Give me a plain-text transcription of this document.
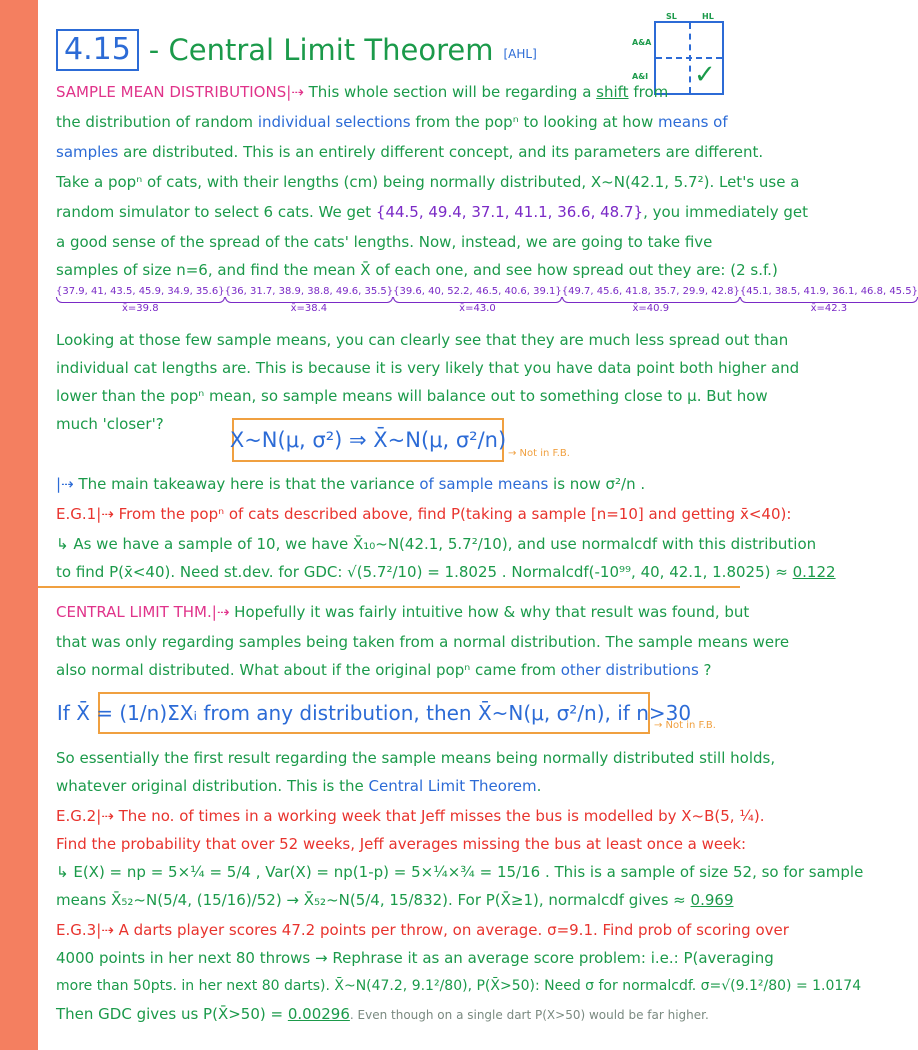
4.15 - Central Limit Theorem [AHL]
SL	HL
A&A
A&I ✓
SAMPLE MEAN DISTRIBUTIONS|⇢ This whole section will be regarding a shift from
the distribution of random individual selections from the popⁿ to looking at how means of
samples are distributed. This is an entirely different concept, and its parameters are different.
Take a popⁿ of cats, with their lengths (cm) being normally distributed, X~N(42.1, 5.7²). Let's use a
random simulator to select 6 cats. We get {44.5, 49.4, 37.1, 41.1, 36.6, 48.7}, you immediately get
a good sense of the spread of the cats' lengths. Now, instead, we are going to take five
samples of size n=6, and find the mean X̄ of each one, and see how spread out they are: (2 s.f.)
{37.9, 41, 43.5, 45.9, 34.9, 35.6}
x̄=39.8
{36, 31.7, 38.9, 38.8, 49.6, 35.5}
x̄=38.4
{39.6, 40, 52.2, 46.5, 40.6, 39.1}
x̄=43.0
{49.7, 45.6, 41.8, 35.7, 29.9, 42.8}
x̄=40.9
{45.1, 38.5, 41.9, 36.1, 46.8, 45.5}
x̄=42.3
Looking at those few sample means, you can clearly see that they are much less spread out than
individual cat lengths are. This is because it is very likely that you have data point both higher and
lower than the popⁿ mean, so sample means will balance out to something close to μ. But how
much 'closer'?
X~N(μ, σ²) ⇒ X̄~N(μ, σ²/n)
→ Not in F.B.
|⇢ The main takeaway here is that the variance of sample means is now σ²/n .
E.G.1|⇢ From the popⁿ of cats described above, find P(taking a sample [n=10] and getting x̄<40):
↳ As we have a sample of 10, we have X̄₁₀~N(42.1, 5.7²/10), and use normalcdf with this distribution
to find P(x̄<40). Need st.dev. for GDC: √(5.7²/10) = 1.8025 . Normalcdf(-10⁹⁹, 40, 42.1, 1.8025) ≈ 0.122
CENTRAL LIMIT THM.|⇢ Hopefully it was fairly intuitive how & why that result was found, but
that was only regarding samples being taken from a normal distribution. The sample means were
also normal distributed. What about if the original popⁿ came from other distributions ?
If X̄ = (1/n)ΣXᵢ from any distribution, then X̄~N(μ, σ²/n), if n>30
→ Not in F.B.
So essentially the first result regarding the sample means being normally distributed still holds,
whatever original distribution. This is the Central Limit Theorem.
E.G.2|⇢ The no. of times in a working week that Jeff misses the bus is modelled by X~B(5, ¼).
Find the probability that over 52 weeks, Jeff averages missing the bus at least once a week:
↳ E(X) = np = 5×¼ = 5/4 , Var(X) = np(1-p) = 5×¼×¾ = 15/16 . This is a sample of size 52, so for sample
means X̄₅₂~N(5/4, (15/16)/52) → X̄₅₂~N(5/4, 15/832). For P(X̄≥1), normalcdf gives ≈ 0.969
E.G.3|⇢ A darts player scores 47.2 points per throw, on average. σ=9.1. Find prob of scoring over
4000 points in her next 80 throws → Rephrase it as an average score problem: i.e.: P(averaging
more than 50pts. in her next 80 darts). X̄~N(47.2, 9.1²/80), P(X̄>50): Need σ for normalcdf. σ=√(9.1²/80) = 1.0174
Then GDC gives us P(X̄>50) = 0.00296. Even though on a single dart P(X>50) would be far higher.
